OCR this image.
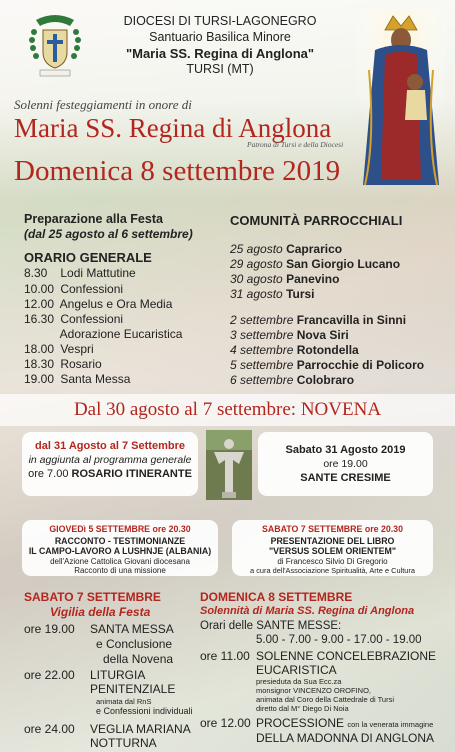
DIOCESI DI TURSI-LAGONEGRO
Santuario Basilica Minore
"Maria SS. Regina di Anglona"
TURSI (MT)
Solenni festeggiamenti in onore di
Maria SS. Regina di Anglona
Patrona di Tursi e della Diocesi
Domenica 8 settembre 2019
Preparazione alla Festa
(dal 25 agosto al 6 settembre)
ORARIO GENERALE
8.30 Lodi Mattutine
10.00 Confessioni
12.00 Angelus e Ora Media
16.30 Confessioni
Adorazione Eucaristica
18.00 Vespri
18.30 Rosario
19.00 Santa Messa
COMUNITÀ PARROCCHIALI
25 agosto Capraric​o
29 agosto San Giorgio Lucano
30 agosto Panevino
31 agosto Tursi
2 settembre Francavilla in Sinni
3 settembre Nova Siri
4 settembre Rotondella
5 settembre Parrocchie di Policoro
6 settembre Colobraro
Dal 30 agosto al 7 settembre: NOVENA
dal 31 Agosto al 7 Settembre
in aggiunta al programma generale
ore 7.00 ROSARIO ITINERANTE
Sabato 31 Agosto 2019
ore 19.00
SANTE CRESIME
GIOVEDì 5 SETTEMBRE ore 20.30
RACCONTO - TESTIMONIANZE
IL CAMPO-LAVORO A LUSHNJE (ALBANIA)
dell'Azione Cattolica Giovani diocesana
Racconto di una missione
SABATO 7 SETTEMBRE ore 20.30
PRESENTAZIONE DEL LIBRO
"VERSUS SOLEM ORIENTEM"
di Francesco Silvio Di Gregorio
a cura dell'Associazione Spiritualità, Arte e Cultura
SABATO 7 SETTEMBRE
Vigilia della Festa
ore 19.00 SANTA MESSA
e Conclusione
della Novena
ore 22.00 LITURGIA
PENITENZIALE
animata dal RnS
e Confessioni individuali
ore 24.00 VEGLIA MARIANA
NOTTURNA
DOMENICA 8 SETTEMBRE
Solennità di Maria SS. Regina di Anglona
Orari delle SANTE MESSE:
5.00 - 7.00 - 9.00 - 17.00 - 19.00
ore 11.00 SOLENNE CONCELEBRAZIONE
EUCARISTICA
presieduta da Sua Ecc.za
monsignor VINCENZO OROFINO,
animata dal Coro della Cattedrale di Tursi
diretto dal M° Diego Di Noia
ore 12.00 PROCESSIONE con la venerata immagine
DELLA MADONNA DI ANGLONA
